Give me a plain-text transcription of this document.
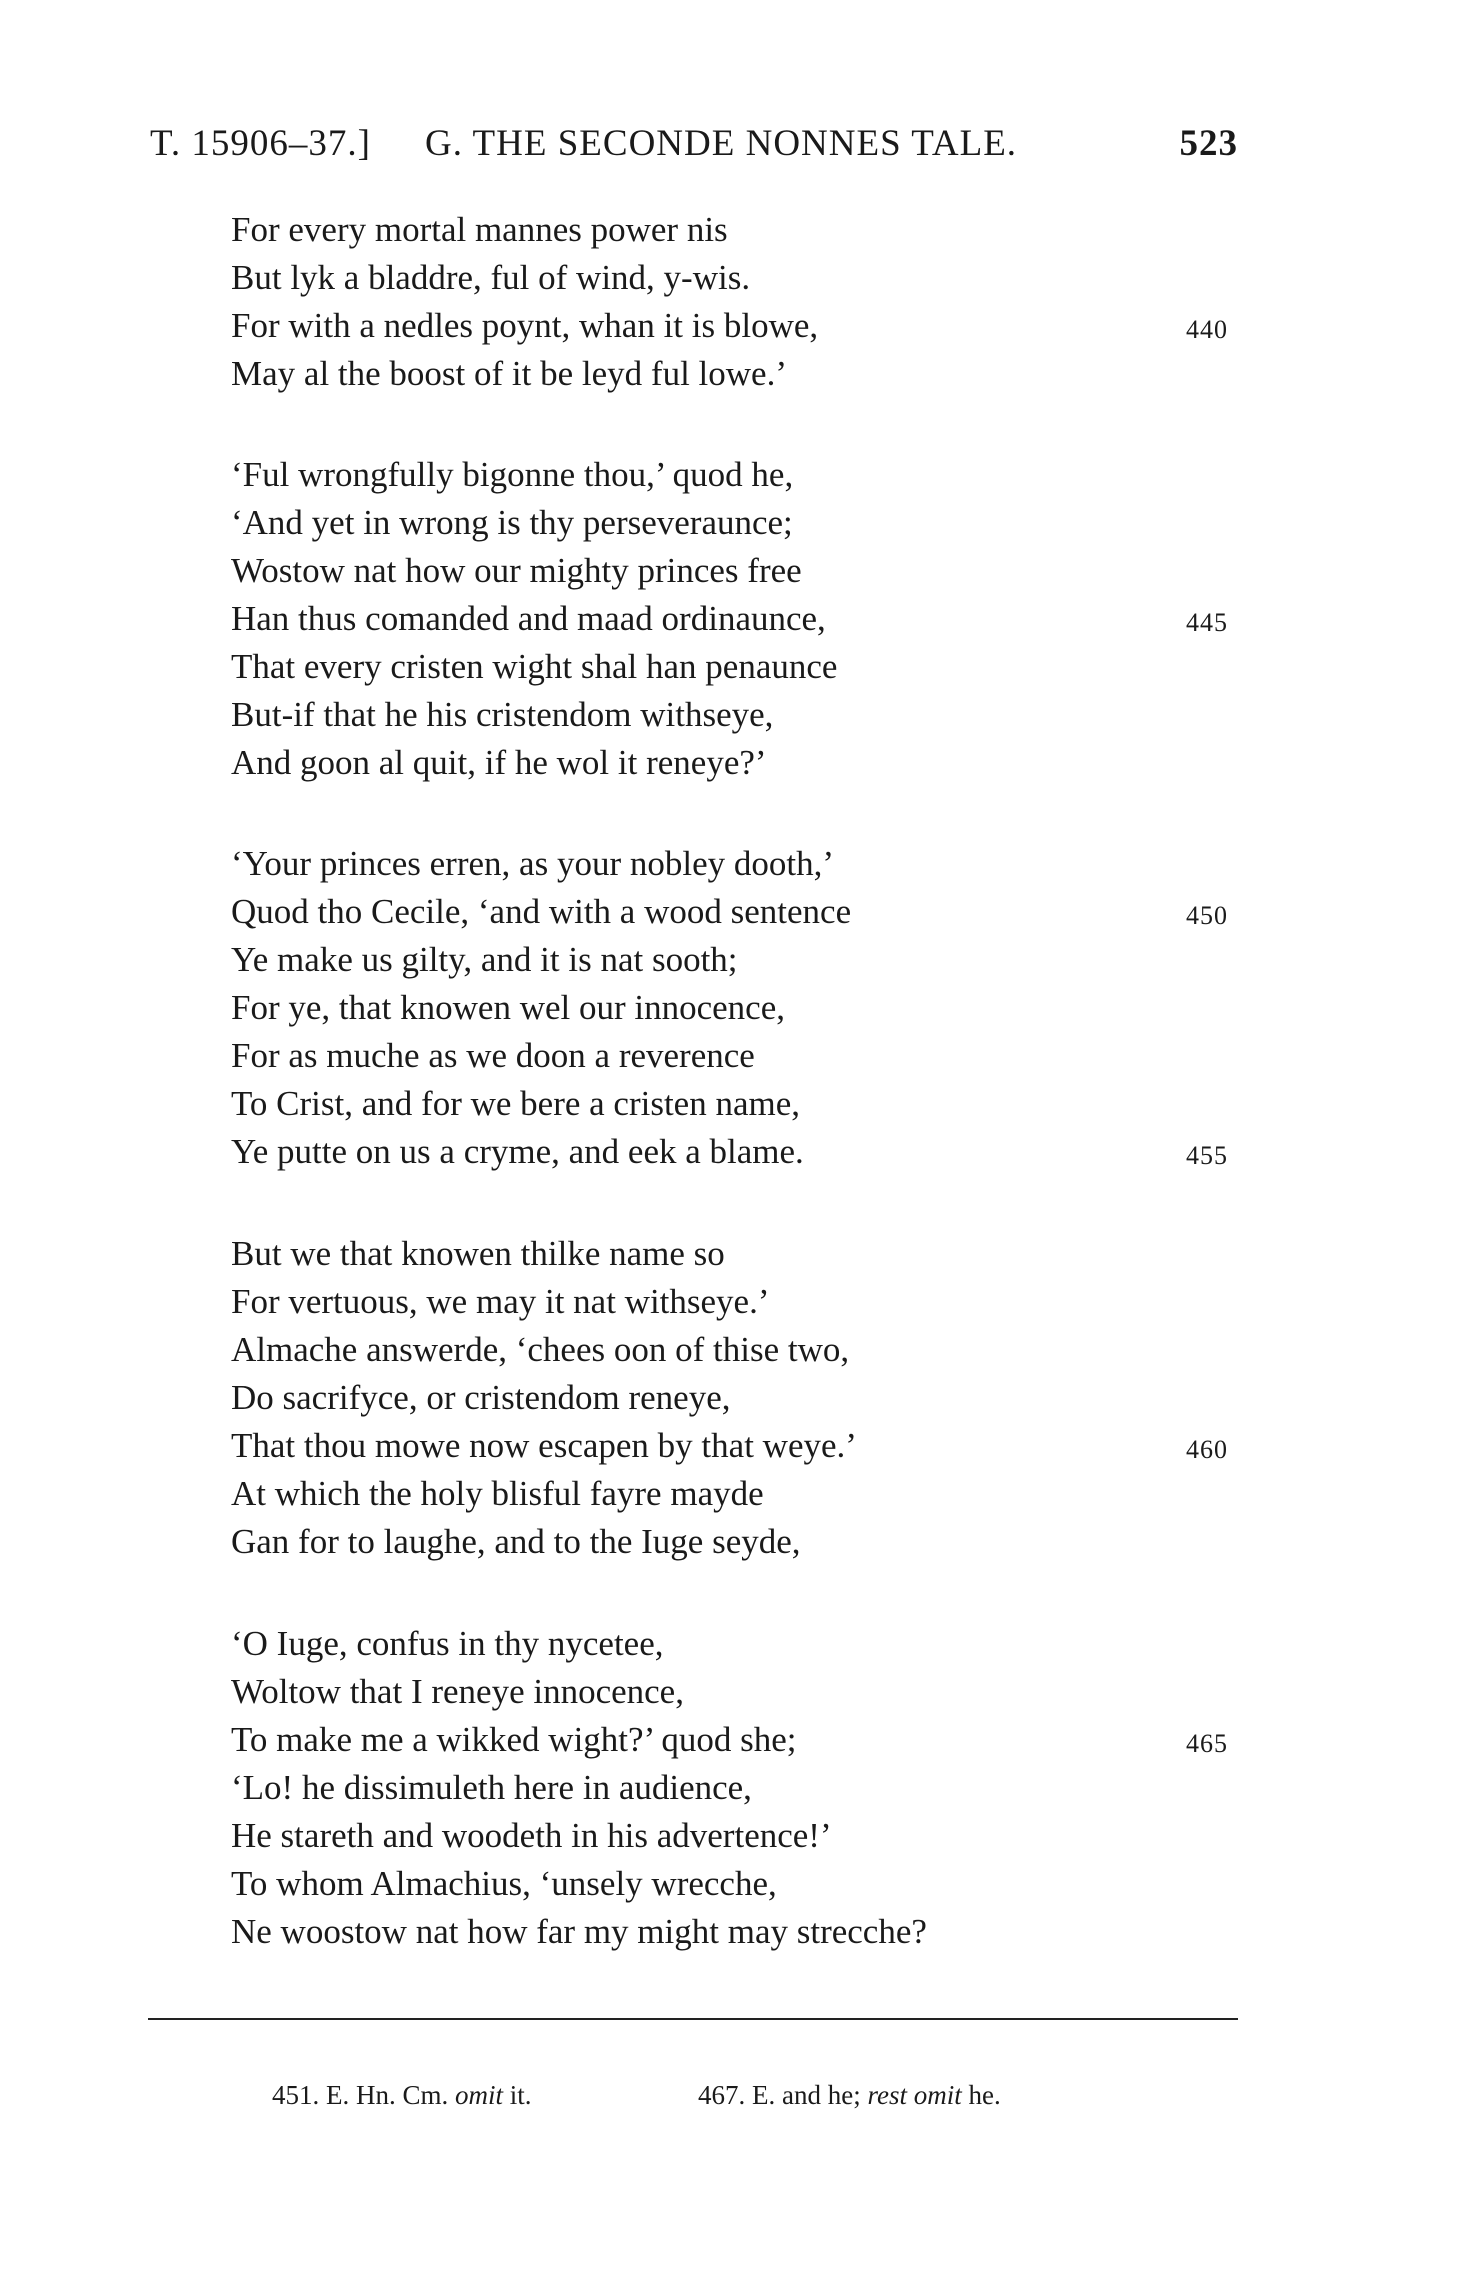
T. 15906–37.] G. THE SECONDE NONNES TALE.	523
For every mortal mannes power nis
But lyk a bladdre, ful of wind, y-wis.
For with a nedles poynt, whan it is blowe,	440
May al the boost of it be leyd ful lowe.’
‘Ful wrongfully bigonne thou,’ quod he,
‘And yet in wrong is thy perseveraunce;
Wostow nat how our mighty princes free
Han thus comanded and maad ordinaunce,	445
That every cristen wight shal han penaunce
But-if that he his cristendom withseye,
And goon al quit, if he wol it reneye?’
‘Your princes erren, as your nobley dooth,’
Quod tho Cecile, ‘and with a wood sentence	450
Ye make us gilty, and it is nat sooth;
For ye, that knowen wel our innocence,
For as muche as we doon a reverence
To Crist, and for we bere a cristen name,
Ye putte on us a cryme, and eek a blame.	455
But we that knowen thilke name so
For vertuous, we may it nat withseye.’
Almache answerde, ‘chees oon of thise two,
Do sacrifyce, or cristendom reneye,
That thou mowe now escapen by that weye.’	460
At which the holy blisful fayre mayde
Gan for to laughe, and to the Iuge seyde,
‘O Iuge, confus in thy nycetee,
Woltow that I reneye innocence,
To make me a wikked wight?’ quod she;	465
‘Lo! he dissimuleth here in audience,
He stareth and woodeth in his advertence!’
To whom Almachius, ‘unsely wrecche,
Ne woostow nat how far my might may strecche?
451. E. Hn. Cm. omit it.	467. E. and he; rest omit he.
